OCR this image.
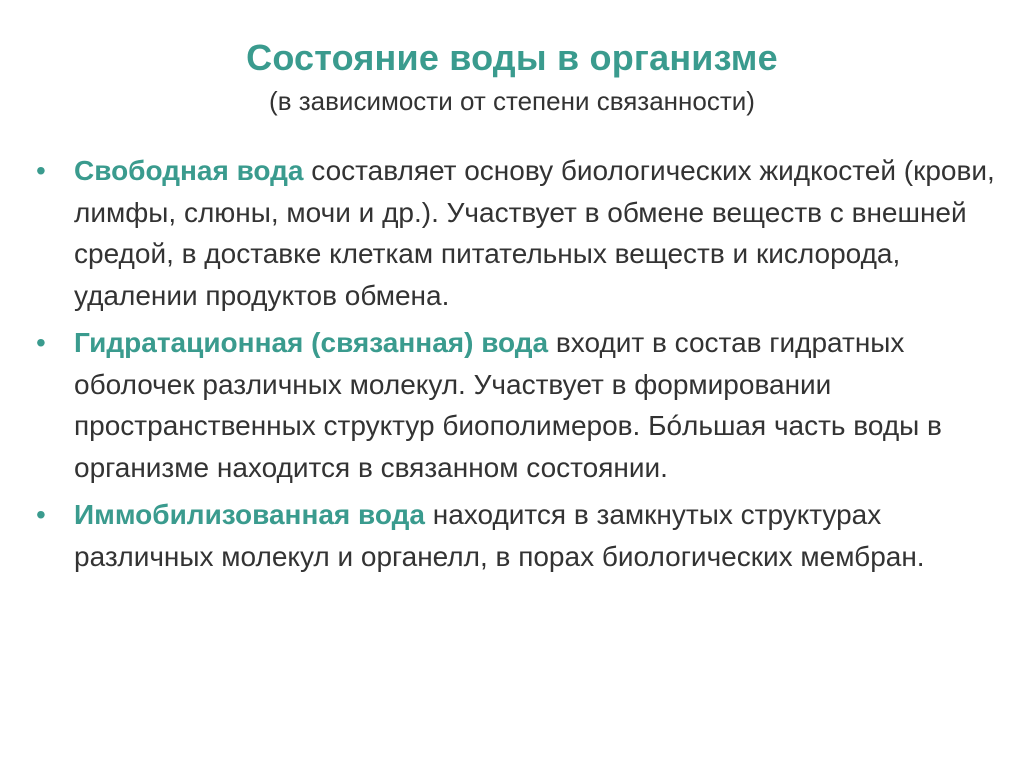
Состояние воды в организме
(в зависимости от степени связанности)
• Свободная вода составляет основу биологических жидкостей (крови, лимфы, слюны, мочи и др.). Участвует в обмене веществ с внешней средой, в доставке клеткам питательных веществ и кислорода, удалении продуктов обмена.
• Гидратационная (связанная) вода входит в состав гидратных оболочек различных молекул. Участвует в формировании пространственных структур биополимеров. Бóльшая часть воды в организме находится в связанном состоянии.
• Иммобилизованная вода находится в замкнутых структурах различных молекул и органелл, в порах биологических мембран.
